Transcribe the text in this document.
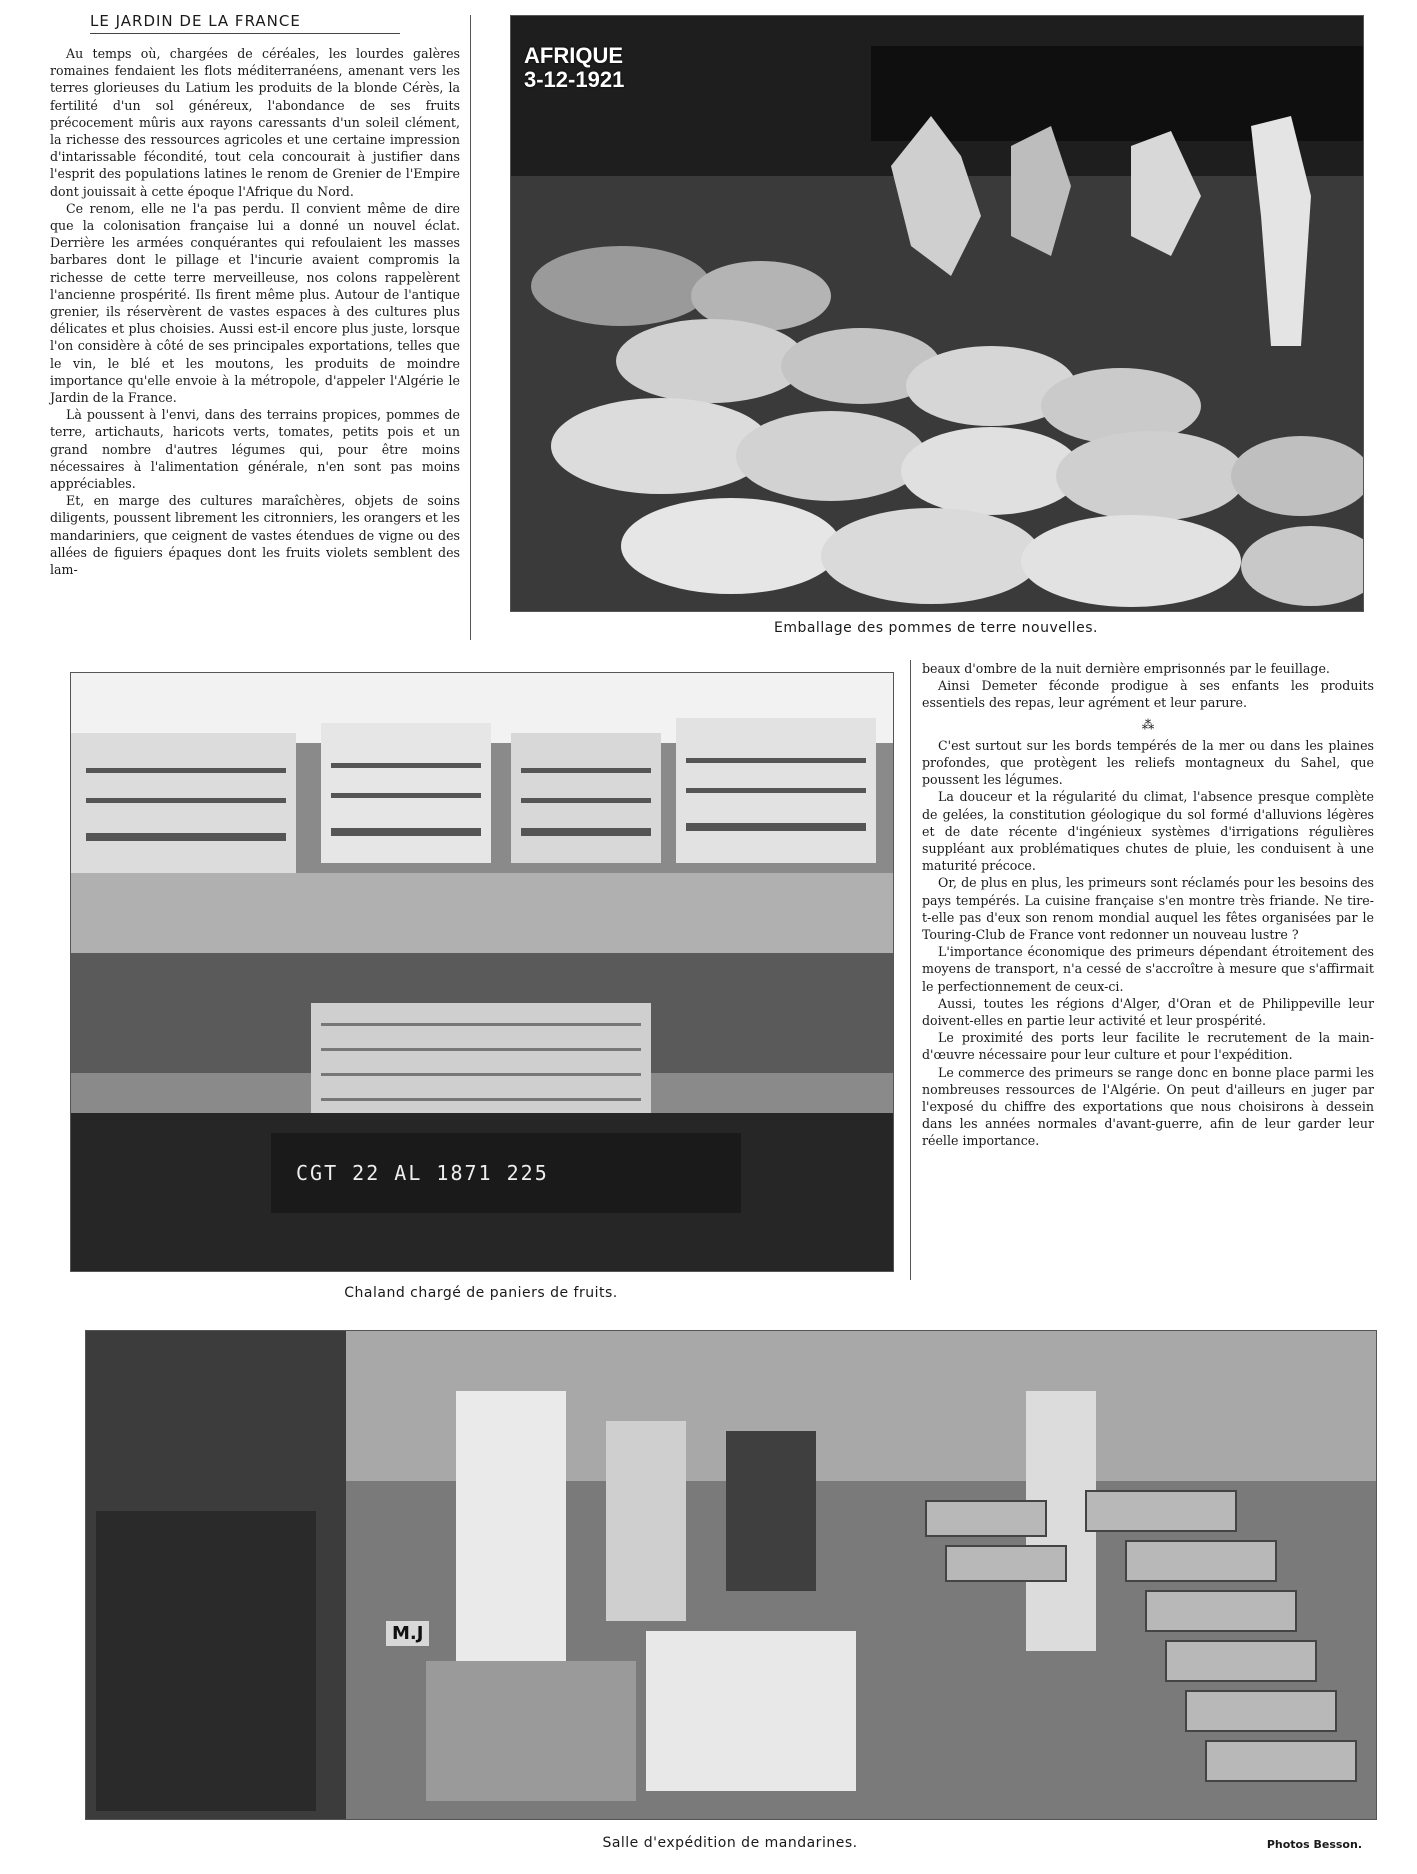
LE JARDIN DE LA FRANCE

Au temps où, chargées de céréales, les lourdes galères romaines fendaient les flots méditerranéens, amenant vers les terres glorieuses du Latium les produits de la blonde Cérès, la fertilité d'un sol généreux, l'abondance de ses fruits précocement mûris aux rayons caressants d'un soleil clément, la richesse des ressources agricoles et une certaine impression d'intarissable fécondité, tout cela concourait à justifier dans l'esprit des populations latines le renom de Grenier de l'Empire dont jouissait à cette époque l'Afrique du Nord.

Ce renom, elle ne l'a pas perdu. Il convient même de dire que la colonisation française lui a donné un nouvel éclat. Derrière les armées conquérantes qui refoulaient les masses barbares dont le pillage et l'incurie avaient compromis la richesse de cette terre merveilleuse, nos colons rappelèrent l'ancienne prospérité. Ils firent même plus. Autour de l'antique grenier, ils réservèrent de vastes espaces à des cultures plus délicates et plus choisies. Aussi est-il encore plus juste, lorsque l'on considère à côté de ses principales exportations, telles que le vin, le blé et les moutons, les produits de moindre importance qu'elle envoie à la métropole, d'appeler l'Algérie le Jardin de la France.

Là poussent à l'envi, dans des terrains propices, pommes de terre, artichauts, haricots verts, tomates, petits pois et un grand nombre d'autres légumes qui, pour être moins nécessaires à l'alimentation générale, n'en sont pas moins appréciables.

Et, en marge des cultures maraîchères, objets de soins diligents, poussent librement les citronniers, les orangers et les mandariniers, que ceignent de vastes étendues de vigne ou des allées de figuiers épaques dont les fruits violets semblent des lam-

AFRIQUE
3-12-1921
Emballage des pommes de terre nouvelles.
CGT 22 AL 1871 225
Chaland chargé de paniers de fruits.

beaux d'ombre de la nuit dernière emprisonnés par le feuillage.

Ainsi Demeter féconde prodigue à ses enfants les produits essentiels des repas, leur agrément et leur parure.

⁂

C'est surtout sur les bords tempérés de la mer ou dans les plaines profondes, que protègent les reliefs montagneux du Sahel, que poussent les légumes.

La douceur et la régularité du climat, l'absence presque complète de gelées, la constitution géologique du sol formé d'alluvions légères et de date récente d'ingénieux systèmes d'irrigations régulières suppléant aux problématiques chutes de pluie, les conduisent à une maturité précoce.

Or, de plus en plus, les primeurs sont réclamés pour les besoins des pays tempérés. La cuisine française s'en montre très friande. Ne tire-t-elle pas d'eux son renom mondial auquel les fêtes organisées par le Touring-Club de France vont redonner un nouveau lustre ?

L'importance économique des primeurs dépendant étroitement des moyens de transport, n'a cessé de s'accroître à mesure que s'affirmait le perfectionnement de ceux-ci.

Aussi, toutes les régions d'Alger, d'Oran et de Philippeville leur doivent-elles en partie leur activité et leur prospérité.

Le proximité des ports leur facilite le recrutement de la main-d'œuvre nécessaire pour leur culture et pour l'expédition.

Le commerce des primeurs se range donc en bonne place parmi les nombreuses ressources de l'Algérie. On peut d'ailleurs en juger par l'exposé du chiffre des exportations que nous choisirons à dessein dans les années normales d'avant-guerre, afin de leur garder leur réelle importance.

M.J
Salle d'expédition de mandarines.	Photos Besson.
